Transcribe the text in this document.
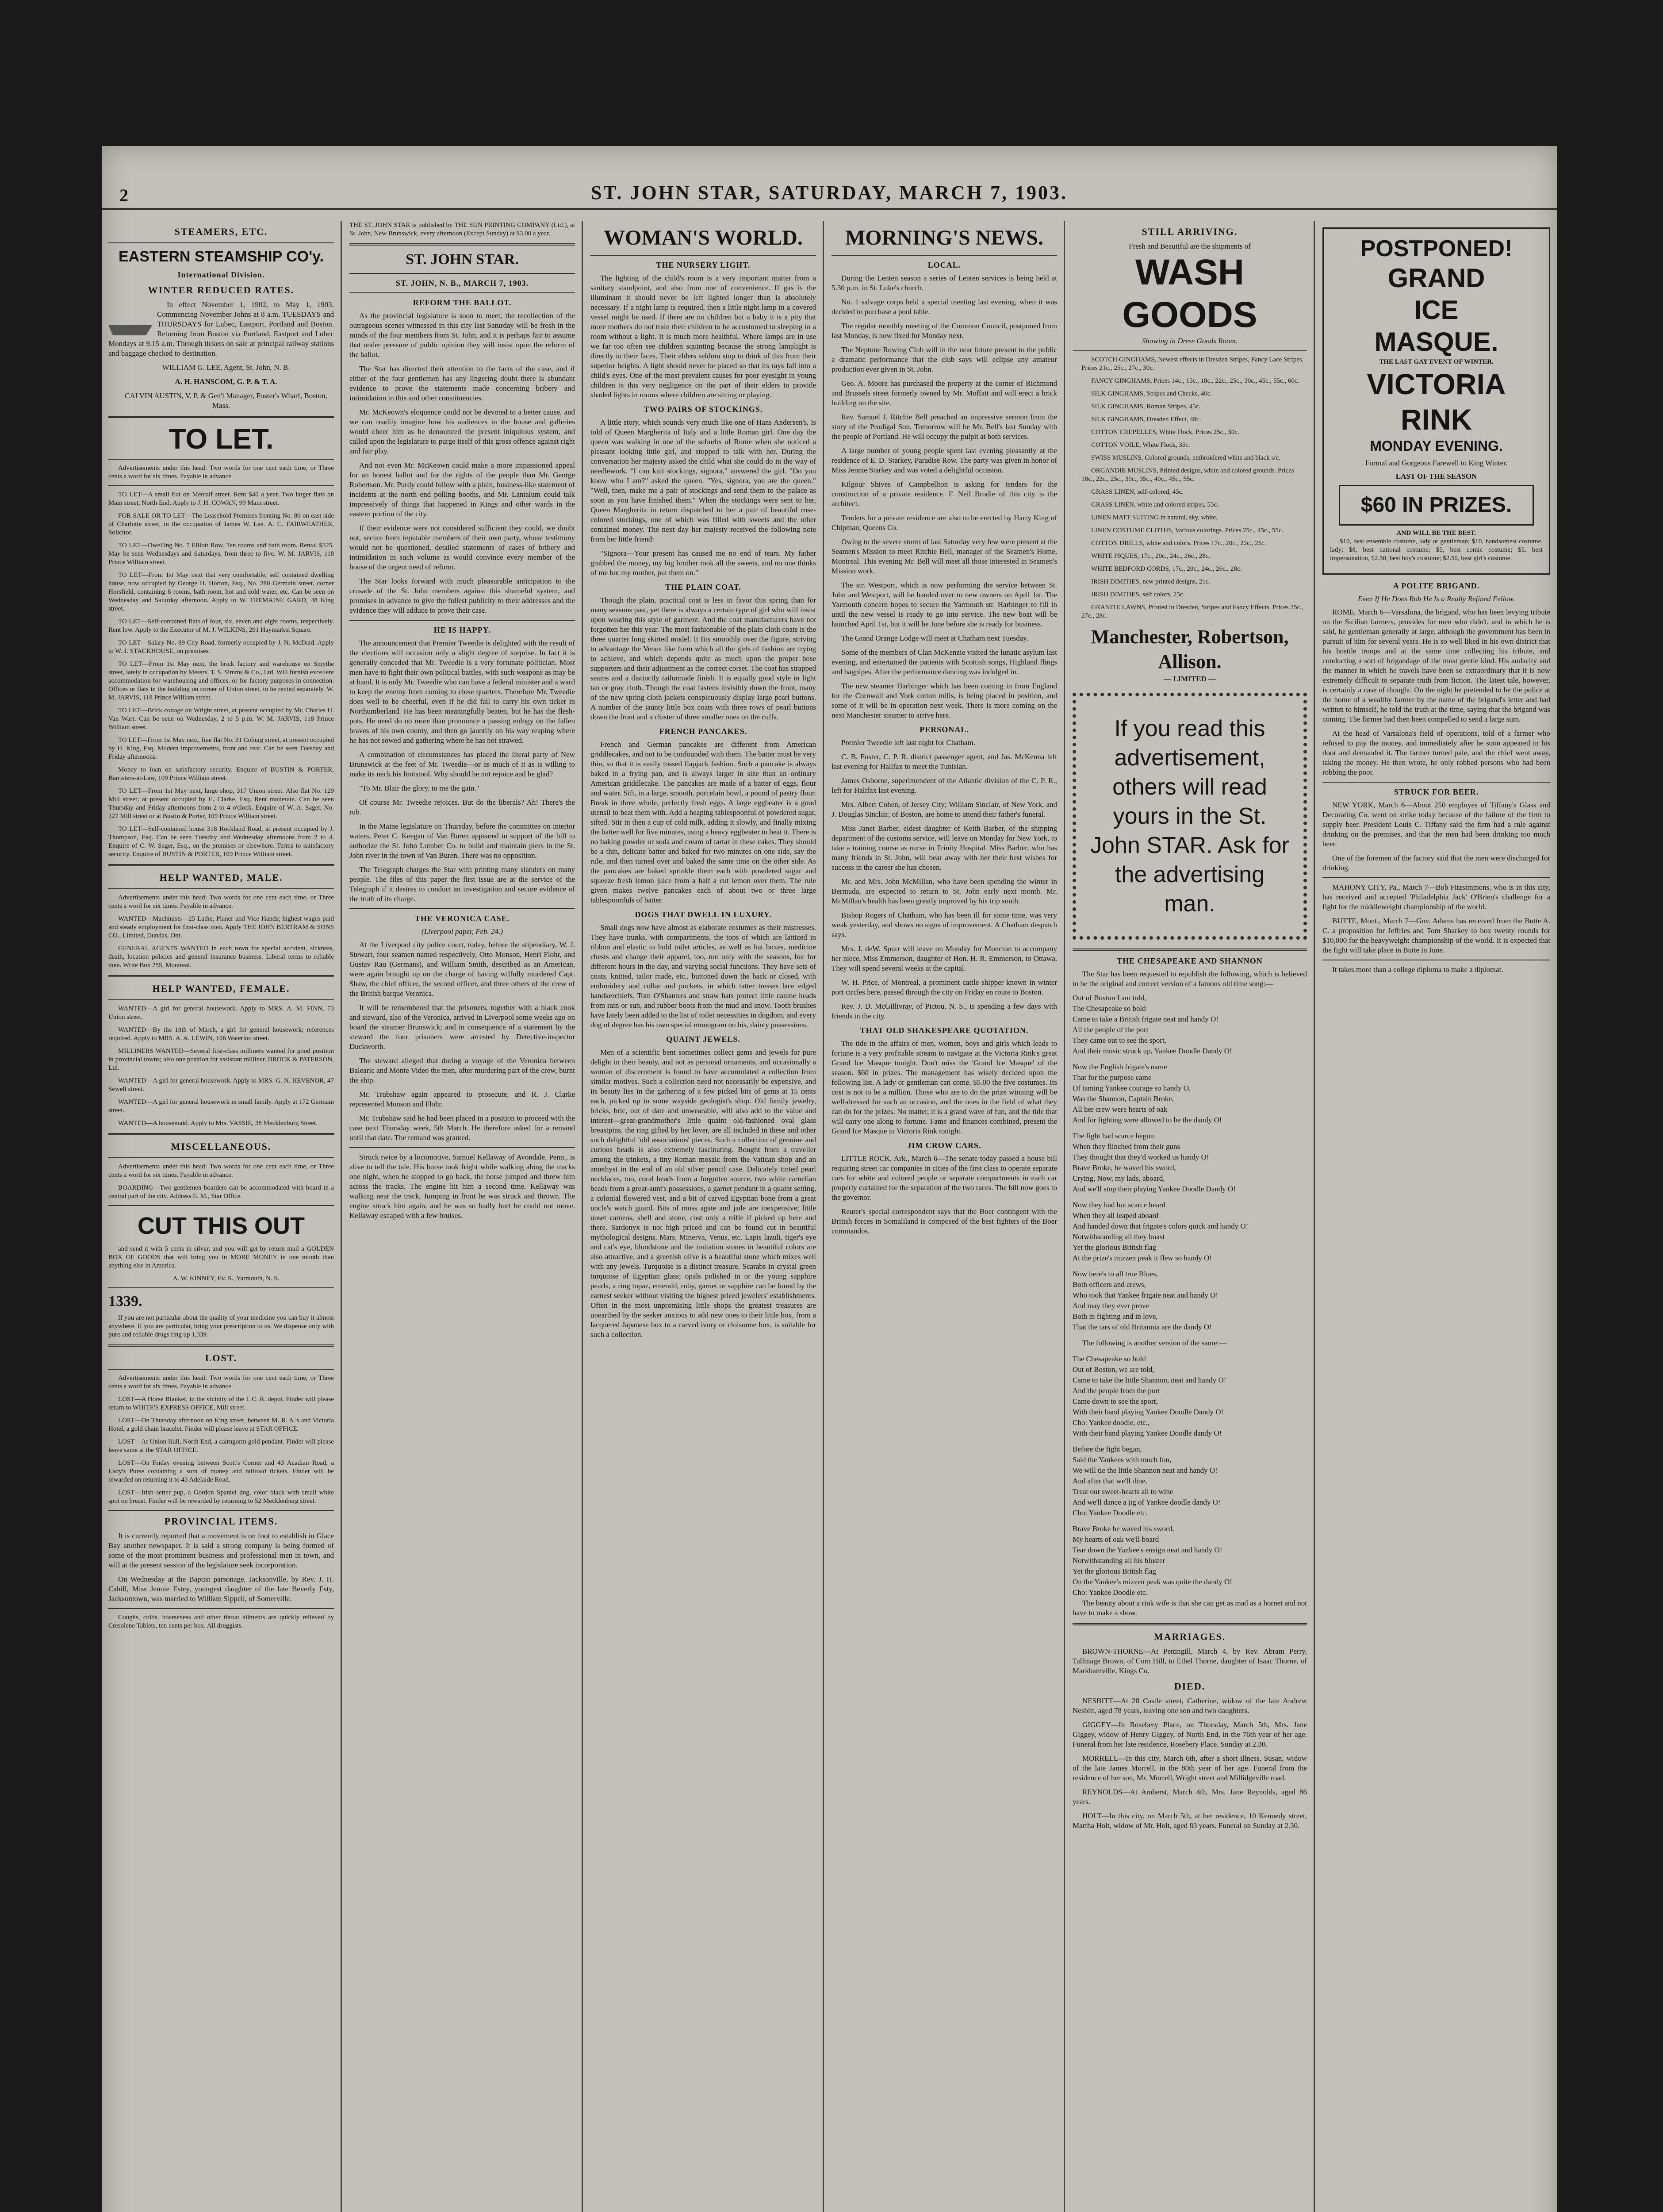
2	ST. JOHN STAR, SATURDAY, MARCH 7, 1903.
STEAMERS, ETC.
EASTERN STEAMSHIP CO'y.
International Division.
WINTER REDUCED RATES.

In effect November 1, 1902, to May 1, 1903. Commencing November Johns at 8 a.m. TUESDAYS and THURSDAYS for Lubec, Eastport, Portland and Boston. Returning from Boston via Portland, Eastport and Lubec Mondays at 9.15 a.m. Through tickets on sale at principal railway stations and baggage checked to destination.

WILLIAM G. LEE, Agent, St. John, N. B.

A. H. HANSCOM, G. P. & T. A.

CALVIN AUSTIN, V. P. & Gen'l Manager, Foster's Wharf, Boston, Mass.

TO LET.

Advertisements under this head: Two words for one cent each time, or Three cents a word for six times. Payable in advance.

TO LET—A small flat on Metcalf street. Rent $40 a year. Two larger flats on Main street, North End. Apply to J. H. COWAN, 99 Main street.

FOR SALE OR TO LET—The Leasehold Premises fronting No. 80 on east side of Charlotte street, in the occupation of James W. Lee. A. C. FAIRWEATHER, Solicitor.

TO LET—Dwelling No. 7 Elliott Row. Ten rooms and bath room. Rental $325. May be seen Wednesdays and Saturdays, from three to five. W. M. JARVIS, 118 Prince William street.

TO LET—From 1st May next that very comfortable, self contained dwelling house, now occupied by George H. Horton, Esq., No. 280 Germain street, corner Horsfield, containing 8 rooms, bath room, hot and cold water, etc. Can be seen on Wednesday and Saturday afternoon. Apply to W. TREMAINE GARD, 48 King street.

TO LET—Self-contained flats of four, six, seven and eight rooms, respectively. Rent low. Apply to the Executor of M. J. WILKINS, 291 Haymarket Square.

TO LET—Salary No. 89 City Road, formerly occupied by J. N. McDaid. Apply to W. J. STACKHOUSE, on premises.

TO LET—From 1st May next, the brick factory and warehouse on Smythe street, lately in occupation by Messrs. T. S. Simms & Co., Ltd. Will furnish excellent accommodation for warehousing and offices, or for factory purposes in connection. Offices or flats in the building on corner of Union street, to be rented separately. W. M. JARVIS, 118 Prince William street.

TO LET—Brick cottage on Wright street, at present occupied by Mr. Charles H. Van Wart. Can be seen on Wednesday, 2 to 5 p.m. W. M. JARVIS, 118 Prince William street.

TO LET—From 1st May next, fine flat No. 31 Coburg street, at present occupied by H. King, Esq. Modern improvements, front and rear. Can be seen Tuesday and Friday afternoons.

Money to loan on satisfactory security. Enquire of BUSTIN & PORTER, Barristers-at-Law, 109 Prince William street.

TO LET—From 1st May next, large shop, 317 Union street. Also flat No. 129 Mill street; at present occupied by E. Clarke, Esq. Rent moderate. Can be seen Thursday and Friday afternoons from 2 to 4 o'clock. Enquire of W. A. Sager, No. 127 Mill street or at Bustin & Porter, 109 Prince William street.

TO LET—Self-contained house 318 Rockland Road, at present occupied by J. Thompson, Esq. Can be seen Tuesday and Wednesday afternoons from 2 to 4. Enquire of C. W. Sager, Esq., on the premises or elsewhere. Terms to satisfactory security. Enquire of BUSTIN & PORTER, 109 Prince William street.

HELP WANTED, MALE.

Advertisements under this head: Two words for one cent each time, or Three cents a word for six times. Payable in advance.

WANTED—Machinists—25 Lathe, Planer and Vice Hands; highest wages paid and steady employment for first-class men. Apply THE JOHN BERTRAM & SONS CO., Limited, Dundas, Ont.

GENERAL AGENTS WANTED in each town for special accident, sickness, death, location policies and general insurance business. Liberal terms to reliable men. Write Box 255, Montreal.

HELP WANTED, FEMALE.

WANTED—A girl for general housework. Apply to MRS. A. M. FINN, 73 Union street.

WANTED—By the 18th of March, a girl for general housework; references required. Apply to MRS. A. A. LEWIN, 106 Waterloo street.

MILLINERS WANTED—Several first-class milliners wanted for good position in provincial towns; also one position for assistant milliner. BROCK & PATERSON, Ltd.

WANTED—A girl for general housework. Apply to MRS. G. N. HEVENOR, 47 Sewell street.

WANTED—A girl for general housework in small family. Apply at 172 Germain street.

WANTED—A housemaid. Apply to Mrs. VASSIE, 38 Mecklenburg Street.

MISCELLANEOUS.

Advertisements under this head: Two words for one cent each time, or Three cents a word for six times. Payable in advance.

BOARDING—Two gentlemen boarders can be accommodated with board in a central part of the city. Address E. M., Star Office.

CUT THIS OUT

and send it with 5 cents in silver, and you will get by return mail a GOLDEN BOX OF GOODS that will bring you in MORE MONEY in one month than anything else in America.

A. W. KINNEY, Ev. S., Yarmouth, N. S.

1339.

If you are not particular about the quality of your medicine you can buy it almost anywhere. If you are particular, bring your prescription to us. We dispense only with pure and reliable drugs ring up 1,339.

LOST.

Advertisements under this head: Two words for one cent each time, or Three cents a word for six times. Payable in advance.

LOST—A Horse Blanket, in the vicinity of the I. C. R. depot. Finder will please return to WHITE'S EXPRESS OFFICE, Mill street.

LOST—On Thursday afternoon on King street, between M. R. A.'s and Victoria Hotel, a gold chain bracelet. Finder will please leave at STAR OFFICE.

LOST—At Union Hall, North End, a cairngorm gold pendant. Finder will please leave same at the STAR OFFICE.

LOST—On Friday evening between Scott's Corner and 43 Acadian Road, a Lady's Purse containing a sum of money and railroad tickets. Finder will be rewarded on returning it to 43 Adelaide Road.

LOST—Irish setter pup, a Gordon Spaniel dog, color black with small white spot on breast. Finder will be rewarded by returning to 52 Mecklenburg street.

PROVINCIAL ITEMS.

It is currently reported that a movement is on foot to establish in Glace Bay another newspaper. It is said a strong company is being formed of some of the most prominent business and professional men in town, and will at the present session of the legislature seek incorporation.

On Wednesday at the Baptist parsonage, Jacksonville, by Rev. J. H. Cahill, Miss Jennie Estey, youngest daughter of the late Beverly Esty, Jacksontown, was married to William Sippell, of Somerville.

Coughs, colds, hoarseness and other throat ailments are quickly relieved by Cresolene Tablets, ten cents per box. All druggists.

THE ST. JOHN STAR is published by THE SUN PRINTING COMPANY (Ltd.), at St. John, New Brunswick, every afternoon (Except Sunday) at $3.00 a year.

ST. JOHN STAR.
ST. JOHN, N. B., MARCH 7, 1903.
REFORM THE BALLOT.

As the provincial legislature is soon to meet, the recollection of the outrageous scenes witnessed in this city last Saturday will be fresh in the minds of the four members from St. John, and it is perhaps fair to assume that under pressure of public opinion they will insist upon the reform of the ballot.

The Star has directed their attention to the facts of the case, and if either of the four gentlemen has any lingering doubt there is abundant evidence to prove the statements made concerning bribery and intimidation in this and other constituencies.

Mr. McKeown's eloquence could not be devoted to a better cause, and we can readily imagine how his audiences in the house and galleries would cheer him as he denounced the present iniquitous system, and called upon the legislature to purge itself of this gross offence against right and fair play.

And not even Mr. McKeown could make a more impassioned appeal for an honest ballot and for the rights of the people than Mr. George Robertson. Mr. Purdy could follow with a plain, business-like statement of incidents at the north end polling booths, and Mr. Lantalum could talk impressively of things that happened in Kings and other wards in the eastern portion of the city.

If their evidence were not considered sufficient they could, we doubt not, secure from reputable members of their own party, whose testimony would not be questioned, detailed statements of cases of bribery and intimidation in such volume as would convince every member of the house of the urgent need of reform.

The Star looks forward with much pleasurable anticipation to the crusade of the St. John members against this shameful system, and promises in advance to give the fullest publicity to their addresses and the evidence they will adduce to prove their case.

HE IS HAPPY.

The announcement that Premier Tweedie is delighted with the result of the elections will occasion only a slight degree of surprise. In fact it is generally conceded that Mr. Tweedie is a very fortunate politician. Most men have to fight their own political battles, with such weapons as may be at hand. It is only Mr. Tweedie who can have a federal minister and a ward to keep the enemy from coming to close quarters. Therefore Mr. Tweedie does well to be cheerful, even if he did fail to carry his own ticket in Northumberland. He has been meaningfully beaten, but he has the flesh-pots. He need do no more than pronounce a passing eulogy on the fallen braves of his own county, and then go jauntily on his way reaping where he has not sowed and gathering where he has not strawed.

A combination of circumstances has placed the literal party of New Brunswick at the feet of Mr. Tweedie—or as much of it as is willing to make its neck his footstool. Why should he not rejoice and be glad?

"To Mr. Blair the glory, to me the gain."

Of course Mr. Tweedie rejoices. But do the liberals? Ah! There's the rub.

In the Maine legislature on Thursday, before the committee on interior waters, Peter C. Keegan of Van Buren appeared in support of the bill to authorize the St. John Lumber Co. to build and maintain piers in the St. John river in the town of Van Buren. There was no opposition.

The Telegraph charges the Star with printing many slanders on many people. The files of this paper the first issue are at the service of the Telegraph if it desires to conduct an investigation and secure evidence of the truth of its charge.

THE VERONICA CASE.
(Liverpool paper, Feb. 24.)

At the Liverpool city police court, today, before the stipendiary, W. J. Stewart, four seamen named respectively, Otto Monson, Henri Flohr, and Gustav Rau (Germans), and William Smith, described as an American, were again brought up on the charge of having wilfully murdered Capt. Shaw, the chief officer, the second officer, and three others of the crew of the British barque Veronica.

It will be remembered that the prisoners, together with a black cook and steward, also of the Veronica, arrived in Liverpool some weeks ago on board the steamer Brunswick; and in consequence of a statement by the steward the four prisoners were arrested by Detective-inspector Duckworth.

The steward alleged that during a voyage of the Veronica between Balearic and Monte Video the men, after murdering part of the crew, burnt the ship.

Mr. Trubshaw again appeared to prosecute, and R. J. Clarke represented Monson and Flohr.

Mr. Trubshaw said he had been placed in a position to proceed with the case next Thursday week, 5th March. He therefore asked for a remand until that date. The remand was granted.

Struck twice by a locomotive, Samuel Kellaway of Avondale, Penn., is alive to tell the tale. His horse took fright while walking along the tracks one night, when he stopped to go back, the horse jumped and threw him across the tracks. The engine hit him a second time. Kellaway was walking near the track, Jumping in front he was struck and thrown. The engine struck him again, and he was so badly hurt he could not move. Kellaway escaped with a few bruises.

WOMAN'S WORLD.
THE NURSERY LIGHT.

The lighting of the child's room is a very important matter from a sanitary standpoint, and also from one of convenience. If gas is the illuminant it should never be left lighted longer than is absolutely necessary. If a night lamp is required, then a little night lamp in a covered vessel might be used. If there are no children but a baby it is a pity that more mothers do not train their children to be accustomed to sleeping in a room without a light. It is much more healthful. Where lamps are in use we far too often see children squinting because the strong lamplight is directly in their faces. Their elders seldom stop to think of this from their superior heights. A light should never be placed so that its rays fall into a child's eyes. One of the most prevalent causes for poor eyesight in young children is this very negligence on the part of their elders to provide shaded lights in rooms where children are sitting or playing.

TWO PAIRS OF STOCKINGS.

A little story, which sounds very much like one of Hans Andersen's, is told of Queen Margherita of Italy and a little Roman girl. One day the queen was walking in one of the suburbs of Rome when she noticed a pleasant looking little girl, and stopped to talk with her. During the conversation her majesty asked the child what she could do in the way of needlework. "I can knit stockings, signora," answered the girl. "Do you know who I am?" asked the queen. "Yes, signora, you are the queen." "Well, then, make me a pair of stockings and send them to the palace as soon as you have finished them." When the stockings were sent to her, Queen Margherita in return dispatched to her a pair of beautiful rose-colored stockings, one of which was filled with sweets and the other contained money. The next day her majesty received the following note from her little friend:

"Signora—Your present has caused me no end of tears. My father grabbed the money, my big brother took all the sweets, and no one thinks of me but my mother, put them on."

THE PLAIN COAT.

Though the plain, practical coat is less in favor this spring than for many seasons past, yet there is always a certain type of girl who will insist upon wearing this style of garment. And the coat manufacturers have not forgotten her this year. The most fashionable of the plain cloth coats is the three quarter long skirted model. It fits smoothly over the figure, striving to advantage the Venus like form which all the girls of fashion are trying to achieve, and which depends quite as much upon the proper hose supporters and their adjustment as the correct corset. The coat has strapped seams and a distinctly tailormade finish. It is equally good style in light tan or gray cloth. Though the coat fastens invisibly down the front, many of the new spring cloth jackets conspicuously display large pearl buttons. A number of the jaunty little box coats with three rows of pearl buttons down the front and a cluster of three smaller ones on the cuffs.

FRENCH PANCAKES.

French and German pancakes are different from American griddlecakes, and not to be confounded with them. The batter must be very thin, so that it is easily tossed flapjack fashion. Such a pancake is always baked in a frying pan, and is always larger in size than an ordinary American griddlecake. The pancakes are made of a batter of eggs, flour and water. Sift, in a large, smooth, porcelain bowl, a pound of pastry flour. Break in three whole, perfectly fresh eggs. A large eggbeater is a good utensil to beat them with. Add a heaping tablespoonful of powdered sugar, sifted. Stir in then a cup of cold milk, adding it slowly, and finally mixing the batter well for five minutes, using a heavy eggbeater to beat it. There is no baking powder or soda and cream of tartar in these cakes. They should be a thin, delicate batter and baked for two minutes on one side, say the rule, and then turned over and baked the same time on the other side. As the pancakes are baked sprinkle them each with powdered sugar and squeeze fresh lemon juice from a half a cut lemon over them. The rule given makes twelve pancakes each of about two or three large tablespoonfuls of batter.

DOGS THAT DWELL IN LUXURY.

Small dogs now have almost as elaborate costumes as their mistresses. They have trunks, with compartments, the tops of which are latticed in ribbon and elastic to hold toilet articles, as well as hat boxes, medicine chests and change their apparel, too, not only with the seasons, but for different hours in the day, and varying social functions. They have sets of coats, knitted, tailor made, etc., buttoned down the back or closed, with embroidery and collar and pockets, in which tatter tresses lace edged handkerchiefs. Tom O'Shanters and straw hats protect little canine heads from rain or sun, and rubber boots from the mud and snow. Tooth brushes have lately been added to the list of toilet necessities in dogdom, and every dog of degree has his own special monogram on his, dainty possessions.

QUAINT JEWELS.

Men of a scientific bent sometimes collect gems and jewels for pure delight in their beauty, and not as personal ornaments, and occasionally a woman of discernment is found to have accumulated a collection from similar motives. Such a collection need not necessarily be expensive, and its beauty lies in the gathering of a few picked bits of gems at 15 cents each, picked up in some wayside geologist's shop. Old family jewelry, bricks, bric, out of date and unwearable, will also add to the value and interest—great-grandmother's little quaint old-fashioned oval glass breastpins, the ring gifted by her lover, are all included in these and other such delightful 'old associations' pieces. Such a collection of genuine and curious beads is also extremely fascinating. Bought from a traveller among the trinkets, a tiny Roman mosaic from the Vatican shop and an amethyst in the end of an old silver pencil case. Delicately tinted pearl necklaces, too, coral beads from a forgotten source, two white carnelian beads from a great-aunt's possessions, a garnet pendant in a quaint setting, a colonial flowered vest, and a bit of carved Egyptian bone from a great uncle's watch guard. Bits of moss agate and jade are inexpensive; little unset cameos, shell and stone, cost only a trifle if picked up here and there. Sardonyx is not high priced and can be found cut in beautiful mythological designs, Mars, Minerva, Venus, etc. Lapis lazuli, tiger's eye and cat's eye, bloodstone and the imitation stones in beautiful colors are also attractive, and a greenish olive is a beautiful stone which mixes well with any jewels. Turquoise is a distinct treasure. Scarabs in crystal green turquoise of Egyptian glass; opals polished in or the young sapphire pearls, a ring topaz, emerald, ruby, garnet or sapphire can be found by the earnest seeker without visiting the highest priced jewelers' establishments. Often in the most unpromising little shops the greatest treasures are unearthed by the seeker anxious to add new ones to their little box, from a lacquered Japanese box to a carved ivory or cloisonne box, is suitable for such a collection.

MORNING'S NEWS.
LOCAL.

During the Lenten season a series of Lenten services is being held at 5.30 p.m. in St. Luke's church.

No. 1 salvage corps held a special meeting last evening, when it was decided to purchase a pool table.

The regular monthly meeting of the Common Council, postponed from last Monday, is now fixed for Monday next.

The Neptune Rowing Club will in the near future present to the public a dramatic performance that the club says will eclipse any amateur production ever given in St. John.

Geo. A. Moore has purchased the property at the corner of Richmond and Brussels street formerly owned by Mr. Moffatt and will erect a brick building on the site.

Rev. Samuel J. Ritchie Bell preached an impressive sermon from the story of the Prodigal Son. Tomorrow will be Mr. Bell's last Sunday with the people of Portland. He will occupy the pulpit at both services.

A large number of young people spent last evening pleasantly at the residence of E. D. Starkey, Paradise Row. The party was given in honor of Miss Jennie Starkey and was voted a delightful occasion.

Kilgour Shives of Campbellton is asking for tenders for the construction of a private residence. F. Neil Brodie of this city is the architect.

Tenders for a private residence are also to be erected by Harry King of Chipman, Queens Co.

Owing to the severe storm of last Saturday very few were present at the Seamen's Mission to meet Ritchie Bell, manager of the Seamen's Home, Montreal. This evening Mr. Bell will meet all those interested in Seamen's Mission work.

The str. Westport, which is now performing the service between St. John and Westport, will be handed over to new owners on April 1st. The Yarmouth concern hopes to secure the Yarmouth str. Harbinger to fill in until the new vessel is ready to go into service. The new boat will be launched April 1st, but it will be June before she is ready for business.

The Grand Orange Lodge will meet at Chatham next Tuesday.

Some of the members of Clan McKenzie visited the lunatic asylum last evening, and entertained the patients with Scottish songs, Highland flings and bagpipes. After the performance dancing was indulged in.

The new steamer Harbinger which has been coming in from England for the Cornwall and York cotton mills, is being placed in position, and some of it will be in operation next week. There is more coming on the next Manchester steamer to arrive here.

PERSONAL.

Premier Tweedie left last night for Chatham.

C. B. Foster, C. P. R. district passenger agent, and Jas. McKenna left last evening for Halifax to meet the Tunisian.

James Osborne, superintendent of the Atlantic division of the C. P. R., left for Halifax last evening.

Mrs. Albert Cohen, of Jersey City; William Sinclair, of New York, and J. Douglas Sinclair, of Boston, are home to attend their father's funeral.

Miss Janet Barber, eldest daughter of Keith Barber, of the shipping department of the customs service, will leave on Monday for New York, to take a training course as nurse in Trinity Hospital. Miss Barber, who has many friends in St. John, will bear away with her their best wishes for success in the career she has chosen.

Mr. and Mrs. John McMillan, who have been spending the winter in Bermuda, are expected to return to St. John early next month. Mr. McMillan's health has been greatly improved by his trip south.

Bishop Rogers of Chatham, who has been ill for some time, was very weak yesterday, and shows no signs of improvement. A Chatham despatch says.

Mrs. J. deW. Spurr will leave on Monday for Moncton to accompany her niece, Miss Emmerson, daughter of Hon. H. R. Emmerson, to Ottawa. They will spend several weeks at the capital.

W. H. Price, of Montreal, a prominent cattle shipper known in winter port circles here, passed through the city on Friday en route to Boston.

Rev. J. D. McGillivray, of Pictou, N. S., is spending a few days with friends in the city.

THAT OLD SHAKESPEARE QUOTATION.

The tide in the affairs of men, women, boys and girls which leads to fortune is a very profitable stream to navigate at the Victoria Rink's great Grand Ice Masque tonight. Don't miss the 'Grand Ice Masque' of the season. $60 in prizes. The management has wisely decided upon the following list. A lady or gentleman can come, $5.00 the five costumes. Its cost is not to be a million. Those who are to do the prize winning will be well-dressed for such an occasion, and the ones in the field of what they can do for the prizes. No matter, it is a grand wave of fun, and the tide that will carry one along to fortune. Fame and finances combined, present the Grand Ice Masque in Victoria Rink tonight.

JIM CROW CARS.

LITTLE ROCK, Ark., March 6—The senate today passed a house bill requiring street car companies in cities of the first class to operate separate cars for white and colored people or separate compartments in each car properly curtained for the separation of the two races. The bill now goes to the governor.

Reuter's special correspondent says that the Boer contingent with the British forces in Somaliland is composed of the best fighters of the Boer commandos.

STILL ARRIVING.
Fresh and Beautiful are the shipments of
WASH GOODS
Showing in Dress Goods Room.

SCOTCH GINGHAMS, Newest effects in Dresden Stripes, Fancy Lace Stripes. Prices 21c., 25c., 27c., 30c.

FANCY GINGHAMS, Prices 14c., 15c., 18c., 22c., 25c., 30c., 45c., 55c., 60c.

SILK GINGHAMS, Stripes and Checks, 40c.

SILK GINGHAMS, Roman Stripes, 45c.

SILK GINGHAMS, Dresden Effect, 48c.

COTTON CREPELLES, White Flock. Prices 25c., 30c.

COTTON VOILE, White Flock, 35c.

SWISS MUSLINS, Colored grounds, embroidered white and black s/c.

ORGANDIE MUSLINS, Printed designs, white and colored grounds. Prices 18c., 22c., 25c., 30c., 35c., 40c., 45c., 55c.

GRASS LINEN, self-colored, 45c.

GRASS LINEN, white and colored stripes, 55c.

LINEN MATT SUITING in natural, sky, white.

LINEN COSTUME CLOTHS, Various colorings. Prices 25c., 45c., 55c.

COTTON DRILLS, white and colors. Prices 17c., 20c., 22c., 25c.

WHITE PIQUES, 17c., 20c., 24c., 26c., 28c.

WHITE BEDFORD CORDS, 17c., 20c., 24c., 26c., 28c.

IRISH DIMITIES, new printed designs, 21c.

IRISH DIMITIES, self colors, 25c.

GRANITE LAWNS, Printed in Dresden, Stripes and Fancy Effects. Prices 25c., 27c., 28c.

Manchester, Robertson, Allison.
— LIMITED —
If you read this advertisement, others will read yours in the St. John STAR. Ask for the advertising man.
THE CHESAPEAKE AND SHANNON

The Star has been requested to republish the following, which is believed to be the original and correct version of a famous old time song:—

Out of Boston I am told,

The Chesapeake so bold

Came to take a British frigate neat and handy O!

All the people of the port

They came out to see the sport,

And their music struck up, Yankee Doodle Dandy O!

Now the English frigate's name

That for the purpose came

Of taming Yankee courage so handy O,

Was the Shannon, Captain Broke,

All her crew were hearts of oak

And for fighting were allowed to be the dandy O!

The fight had scarce begun

When they flinched from their guns

They thought that they'd worked us handy O!

Brave Broke, he waved his sword,

Crying, Now, my lads, aboard,

And we'll stop their playing Yankee Doodle Dandy O!

Now they had but scarce heard

When they all leaped aboard

And handed down that frigate's colors quick and handy O!

Notwithstanding all they boast

Yet the glorious British flag

At the prize's mizzen peak it flew so handy O!

Now here's to all true Blues,

Both officers and crews,

Who took that Yankee frigate neat and handy O!

And may they ever prove

Both in fighting and in love,

That the tars of old Britannia are the dandy O!

The following is another version of the same:—

The Chesapeake so bold

Out of Boston, we are told,

Came to take the little Shannon, neat and handy O!

And the people from the port

Came down to see the sport,

With their band playing Yankee Doodle Dandy O!

Cho: Yankee doodle, etc.,

With their band playing Yankee Doodle dandy O!

Before the fight began,

Said the Yankees with much fun,

We will tie the little Shannon neat and handy O!

And after that we'll dine,

Treat our sweet-hearts all to wine

And we'll dance a jig of Yankee doodle dandy O!

Cho: Yankee Doodle etc.

Brave Broke he waved his sword,

My hearts of oak we'll board

Tear down the Yankee's ensign neat and handy O!

Notwithstanding all his bluster

Yet the glorious British flag

On the Yankee's mizzen peak was quite the dandy O!

Cho: Yankee Doodle etc.

The beauty about a rink wife is that she can get as mad as a hornet and not have to make a show.

MARRIAGES.

BROWN-THORNE—At Pettingill, March 4, by Rev. Abram Perry, Tallmage Brown, of Corn Hill, to Ethel Thorne, daughter of Isaac Thorne, of Markhamville, Kings Co.

DIED.

NESBITT—At 28 Castle street, Catherine, widow of the late Andrew Nesbitt, aged 78 years, leaving one son and two daughters.

GIGGEY—In Rosebery Place, on Thursday, March 5th, Mrs. Jane Giggey, widow of Henry Giggey, of North End, in the 76th year of her age. Funeral from her late residence, Rosebery Place, Sunday at 2.30.

MORRELL—In this city, March 6th, after a short illness, Susan, widow of the late James Morrell, in the 80th year of her age. Funeral from the residence of her son, Mr. Morrell, Wright street and Millidgeville road.

REYNOLDS—At Amherst, March 4th, Mrs. Jane Reynolds, aged 86 years.

HOLT—In this city, on March 5th, at her residence, 10 Kennedy street, Martha Holt, widow of Mr. Holt, aged 83 years. Funeral on Sunday at 2.30.

POSTPONED!
GRAND
ICE
MASQUE.
THE LAST GAY EVENT OF WINTER.
VICTORIA RINK
MONDAY EVENING.
Formal and Gorgeous Farewell to King Winter.
LAST OF THE SEASON
$60 IN PRIZES.
AND WILL BE THE BEST.

$10, best ensemble costume, lady or gentleman; $10, handsomest costume, lady; $8, best national costume; $5, best comic costume; $5, best impersonation, $2.50, best boy's costume; $2.50, best girl's costume.

A POLITE BRIGAND.
Even If He Does Rob He Is a Really Refined Fellow.

ROME, March 6—Varsalona, the brigand, who has been levying tribute on the Sicilian farmers, provides for men who didn't, and in which he is said, he gentleman generally at large, although the government has been in pursuit of him for several years. He is so well liked in his own district that his hostile troops and at the same time collecting his tribute, and conducting a sort of brigandage of the most gentle kind. His audacity and the manner in which he travels have been so extraordinary that it is now extremely difficult to separate truth from fiction. The latest tale, however, is certainly a case of thought. On the night he pretended to be the police at the home of a wealthy farmer by the name of the brigand's letter and had written to himself, he told the truth at the time, saying that the brigand was coming. The farmer had then been compelled to send a large sum.

At the head of Varsalona's field of operations, told of a farmer who refused to pay the money, and immediately after he soon appeared in his door and demanded it. The farmer turned pale, and the chief went away, taking the money. He then wrote, he only robbed persons who had been robbing the poor.

STRUCK FOR BEER.

NEW YORK, March 6—About 250 employes of Tiffany's Glass and Decorating Co. went on strike today because of the failure of the firm to supply beer. President Louis C. Tiffany said the firm had a rule against drinking on the premises, and that the men had been drinking too much beer.

One of the foremen of the factory said that the men were discharged for drinking.

MAHONY CITY, Pa., March 7—Bob Fitzsimmons, who is in this city, has received and accepted 'Philadelphia Jack' O'Brien's challenge for a fight for the middleweight championship of the world.

BUTTE, Mont., March 7—Gov. Adams has received from the Butte A. C. a proposition for Jeffries and Tom Sharkey to box twenty rounds for $10,000 for the heavyweight championship of the world. It is expected that the fight will take place in Butte in June.

It takes more than a college diploma to make a diplomat.
